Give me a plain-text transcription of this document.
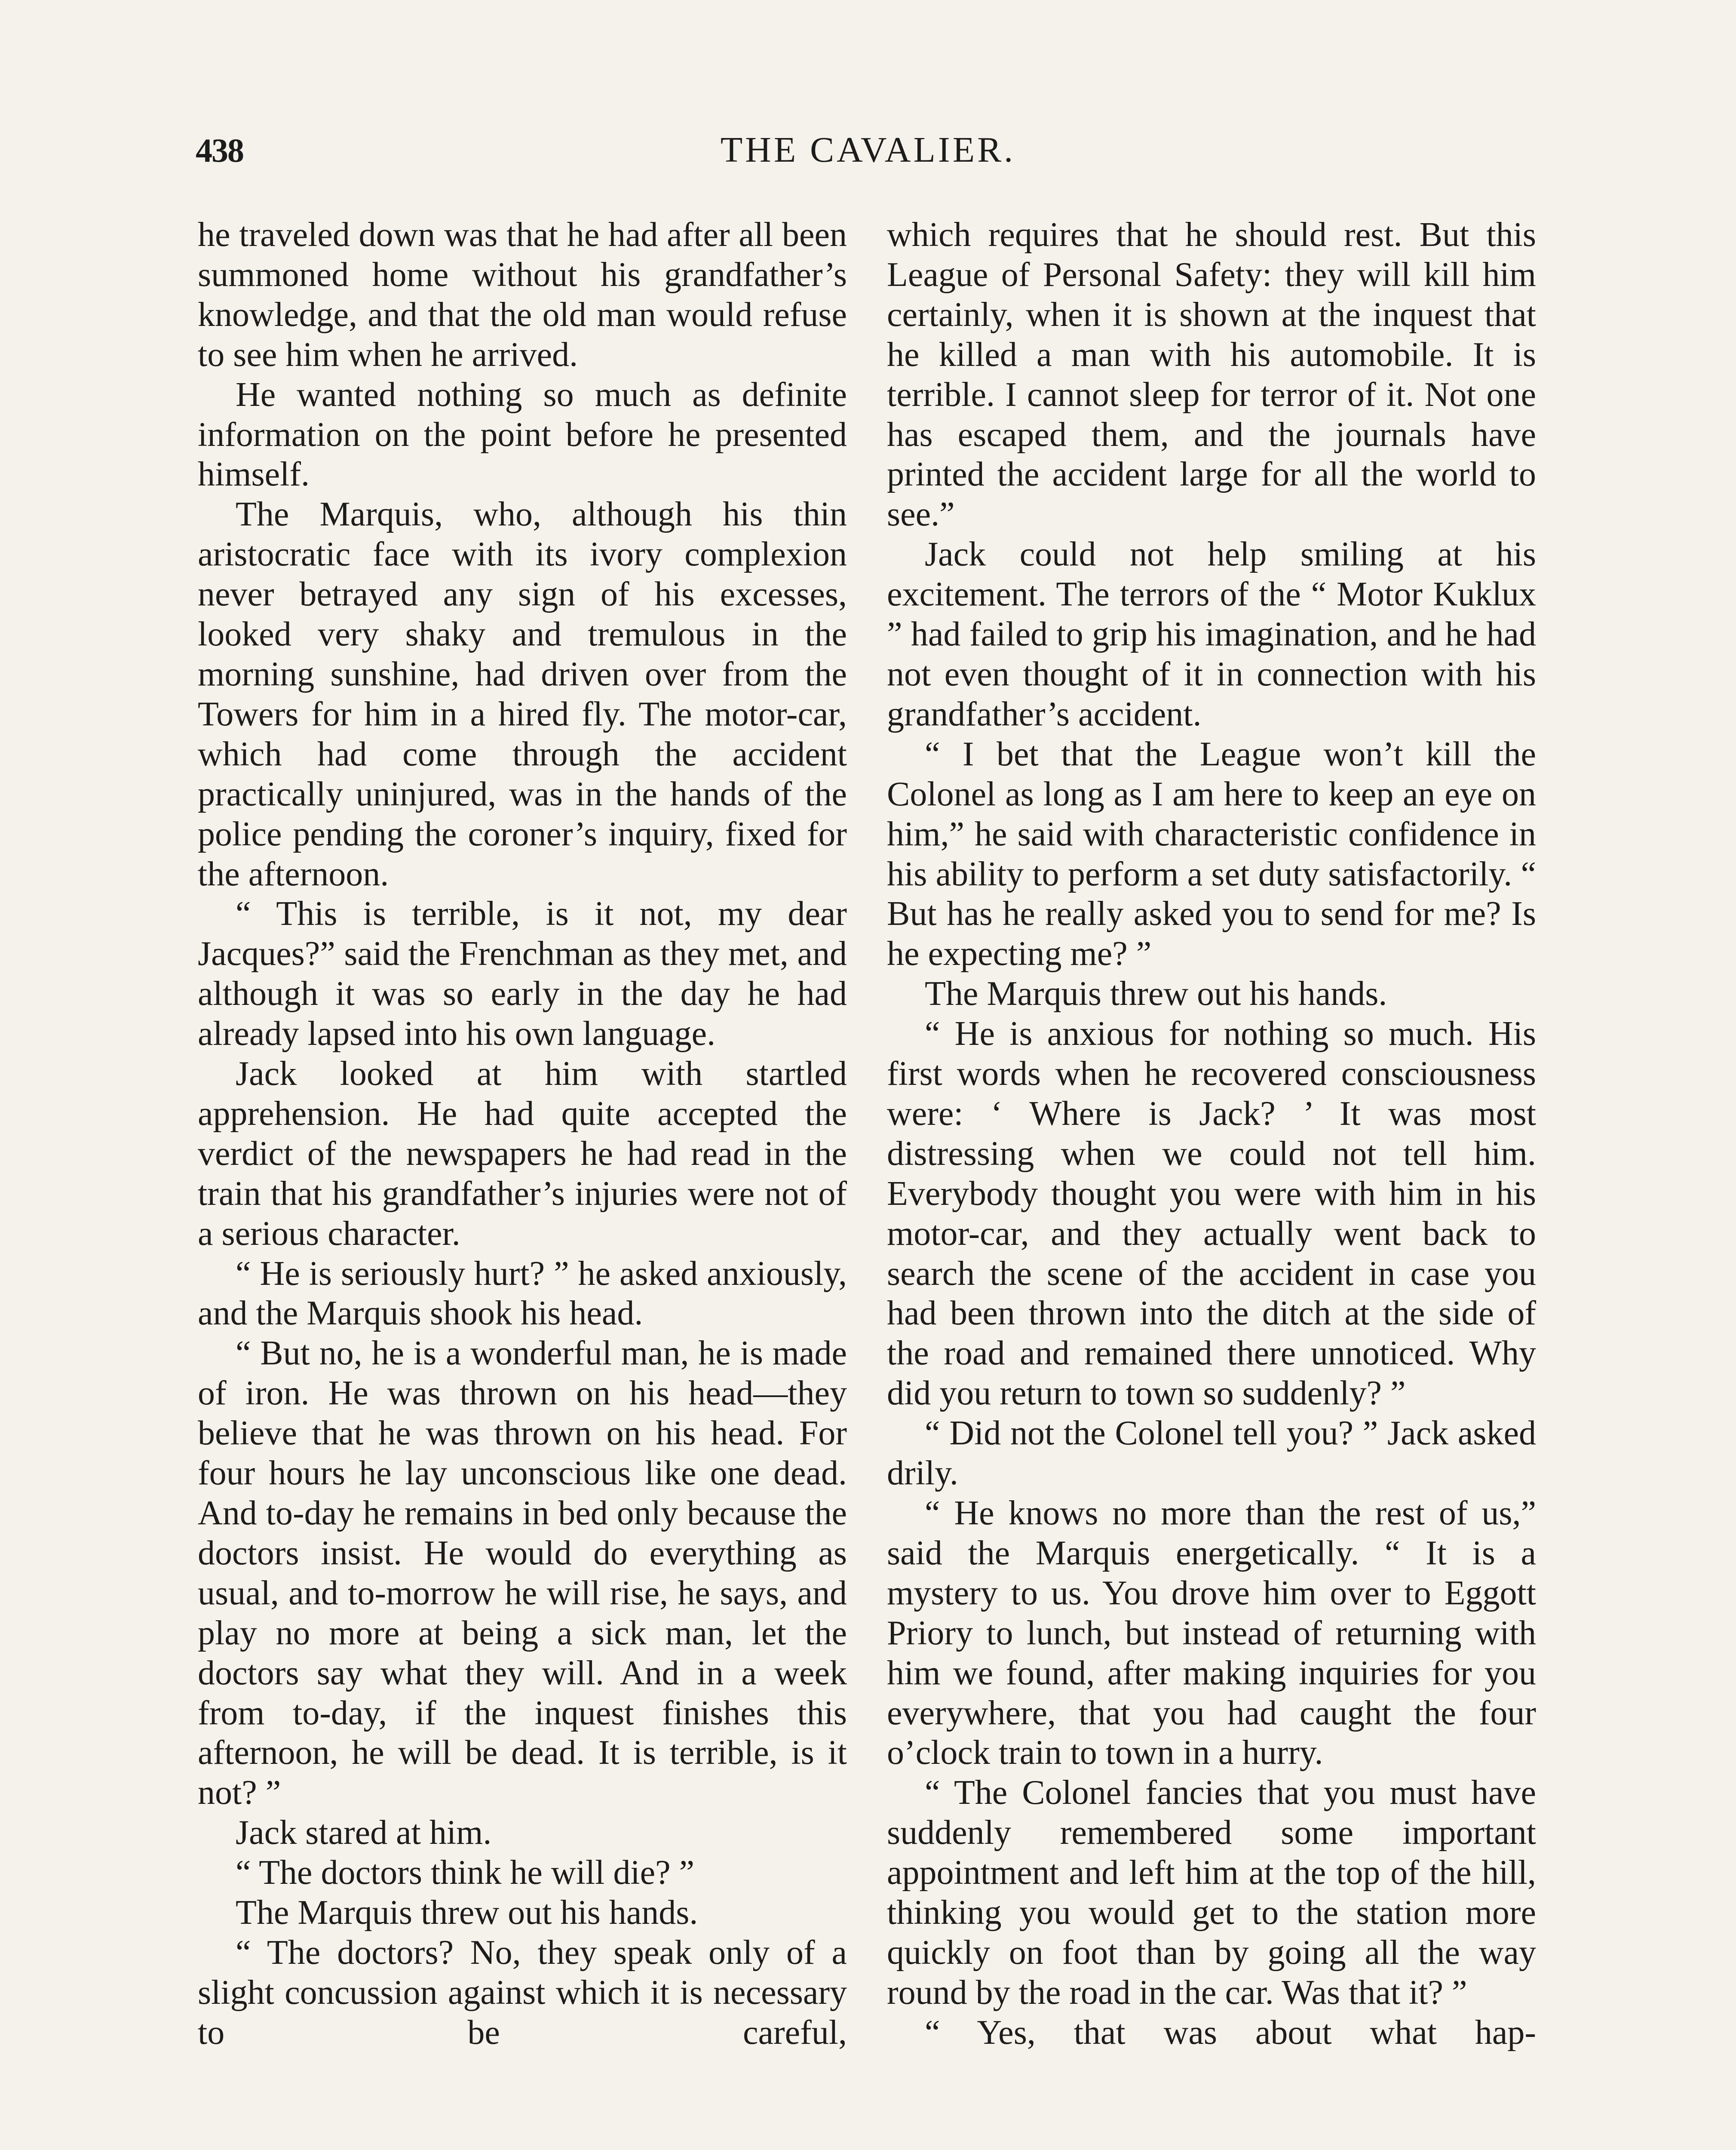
438	THE CAVALIER.

he traveled down was that he had after all been summoned home without his grandfather’s knowledge, and that the old man would refuse to see him when he arrived.

He wanted nothing so much as definite information on the point before he presented himself.

The Marquis, who, although his thin aristocratic face with its ivory complexion never betrayed any sign of his excesses, looked very shaky and tremulous in the morning sunshine, had driven over from the Towers for him in a hired fly. The motor-car, which had come through the accident practically uninjured, was in the hands of the police pending the coroner’s inquiry, fixed for the afternoon.

“ This is terrible, is it not, my dear Jacques?” said the Frenchman as they met, and although it was so early in the day he had already lapsed into his own language.

Jack looked at him with startled apprehension. He had quite accepted the verdict of the newspapers he had read in the train that his grandfather’s injuries were not of a serious character.

“ He is seriously hurt? ” he asked anxiously, and the Marquis shook his head.

“ But no, he is a wonderful man, he is made of iron. He was thrown on his head—they believe that he was thrown on his head. For four hours he lay unconscious like one dead. And to-day he remains in bed only because the doctors insist. He would do everything as usual, and to-morrow he will rise, he says, and play no more at being a sick man, let the doctors say what they will. And in a week from to-day, if the inquest finishes this afternoon, he will be dead. It is terrible, is it not? ”

Jack stared at him.

“ The doctors think he will die? ”

The Marquis threw out his hands.

“ The doctors? No, they speak only of a slight concussion against which it is necessary to be careful,

which requires that he should rest. But this League of Personal Safety: they will kill him certainly, when it is shown at the inquest that he killed a man with his automobile. It is terrible. I cannot sleep for terror of it. Not one has escaped them, and the journals have printed the accident large for all the world to see.”

Jack could not help smiling at his excitement. The terrors of the “ Motor Kuklux ” had failed to grip his imagination, and he had not even thought of it in connection with his grandfather’s accident.

“ I bet that the League won’t kill the Colonel as long as I am here to keep an eye on him,” he said with characteristic confidence in his ability to perform a set duty satisfactorily. “ But has he really asked you to send for me? Is he expecting me? ”

The Marquis threw out his hands.

“ He is anxious for nothing so much. His first words when he recovered consciousness were: ‘ Where is Jack? ’ It was most distressing when we could not tell him. Everybody thought you were with him in his motor-car, and they actually went back to search the scene of the accident in case you had been thrown into the ditch at the side of the road and remained there unnoticed. Why did you return to town so suddenly? ”

“ Did not the Colonel tell you? ” Jack asked drily.

“ He knows no more than the rest of us,” said the Marquis energetically. “ It is a mystery to us. You drove him over to Eggott Priory to lunch, but instead of returning with him we found, after making inquiries for you everywhere, that you had caught the four o’clock train to town in a hurry.

“ The Colonel fancies that you must have suddenly remembered some important appointment and left him at the top of the hill, thinking you would get to the station more quickly on foot than by going all the way round by the road in the car. Was that it? ”

“ Yes, that was about what hap-
